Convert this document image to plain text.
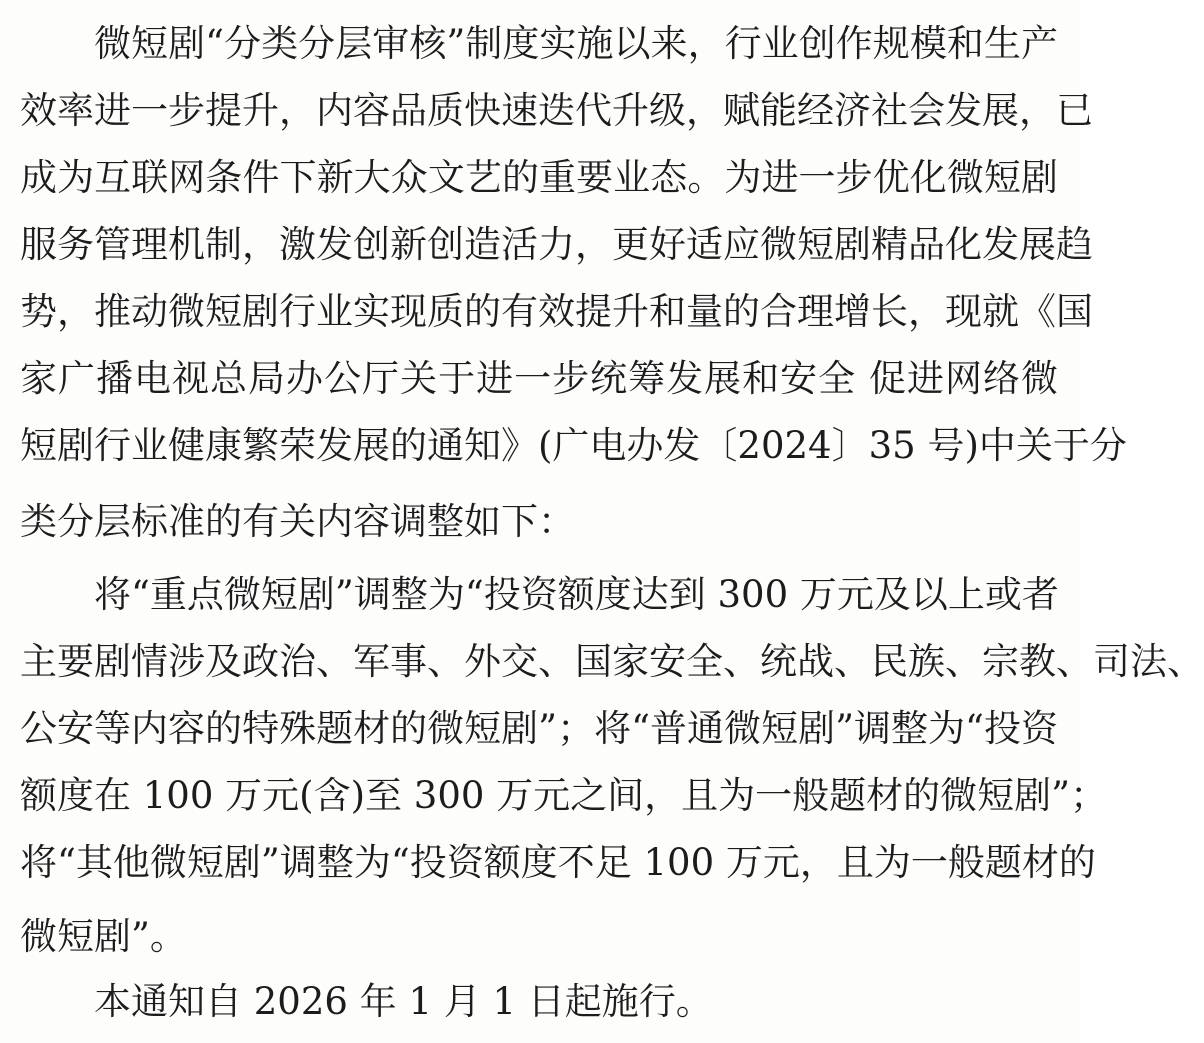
微短剧“分类分层审核”制度实施以来，行业创作规模和生产
效率进一步提升，内容品质快速迭代升级，赋能经济社会发展，已
成为互联网条件下新大众文艺的重要业态。为进一步优化微短剧
服务管理机制，激发创新创造活力，更好适应微短剧精品化发展趋
势，推动微短剧行业实现质的有效提升和量的合理增长，现就《国
家广播电视总局办公厅关于进一步统筹发展和安全 促进网络微
短剧行业健康繁荣发展的通知》(广电办发〔2024〕35 号)中关于分
类分层标准的有关内容调整如下：
将“重点微短剧”调整为“投资额度达到 300 万元及以上或者
主要剧情涉及政治、军事、外交、国家安全、统战、民族、宗教、司法、
公安等内容的特殊题材的微短剧”；将“普通微短剧”调整为“投资
额度在 100 万元(含)至 300 万元之间，且为一般题材的微短剧”；
将“其他微短剧”调整为“投资额度不足 100 万元，且为一般题材的
微短剧”。
本通知自 2026 年 1 月 1 日起施行。
